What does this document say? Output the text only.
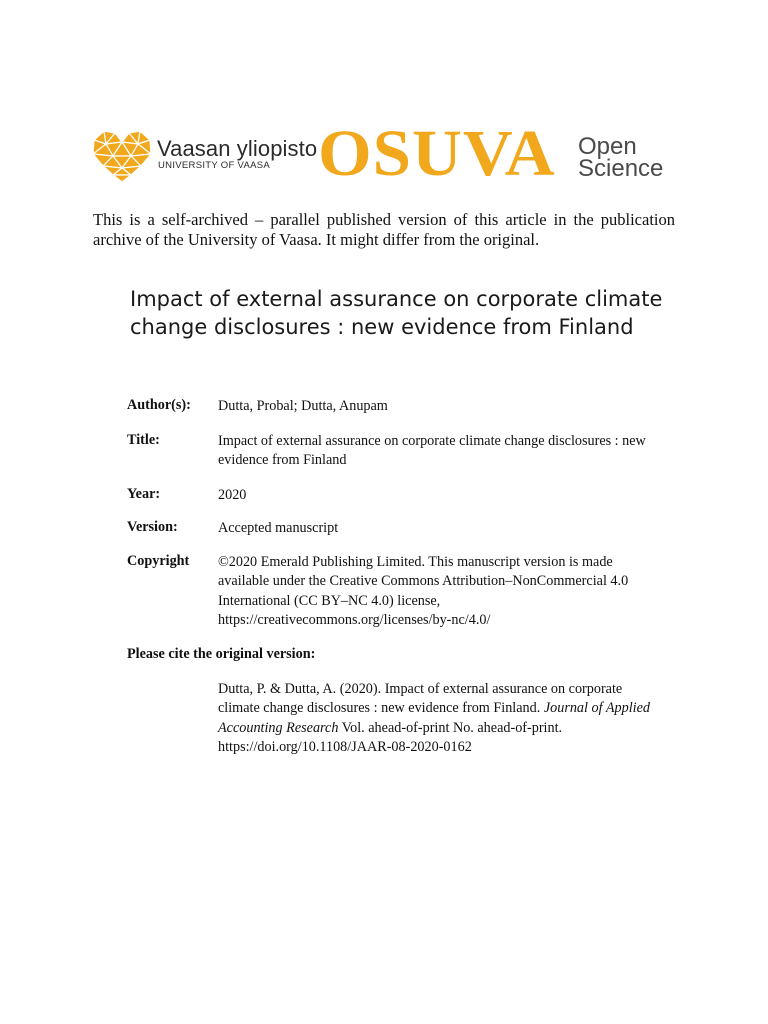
Vaasan yliopisto
UNIVERSITY OF VAASA OSUVA Open
Science
This is a self-archived – parallel published version of this article in the publication archive of the University of Vaasa. It might differ from the original.
Impact of external assurance on corporate climate change disclosures : new evidence from Finland
Author(s): Dutta, Probal; Dutta, Anupam
Title:	Impact of external assurance on corporate climate change disclosures : new evidence from Finland
Year:	2020
Version:	Accepted manuscript
Copyright ©2020 Emerald Publishing Limited. This manuscript version is made available under the Creative Commons Attribution–NonCommercial 4.0 International (CC BY–NC 4.0) license, https://creativecommons.org/licenses/by-nc/4.0/
Please cite the original version:
Dutta, P. & Dutta, A. (2020). Impact of external assurance on corporate climate change disclosures : new evidence from Finland. Journal of Applied Accounting Research Vol. ahead-of-print No. ahead-of-print.
https://doi.org/10.1108/JAAR-08-2020-0162
